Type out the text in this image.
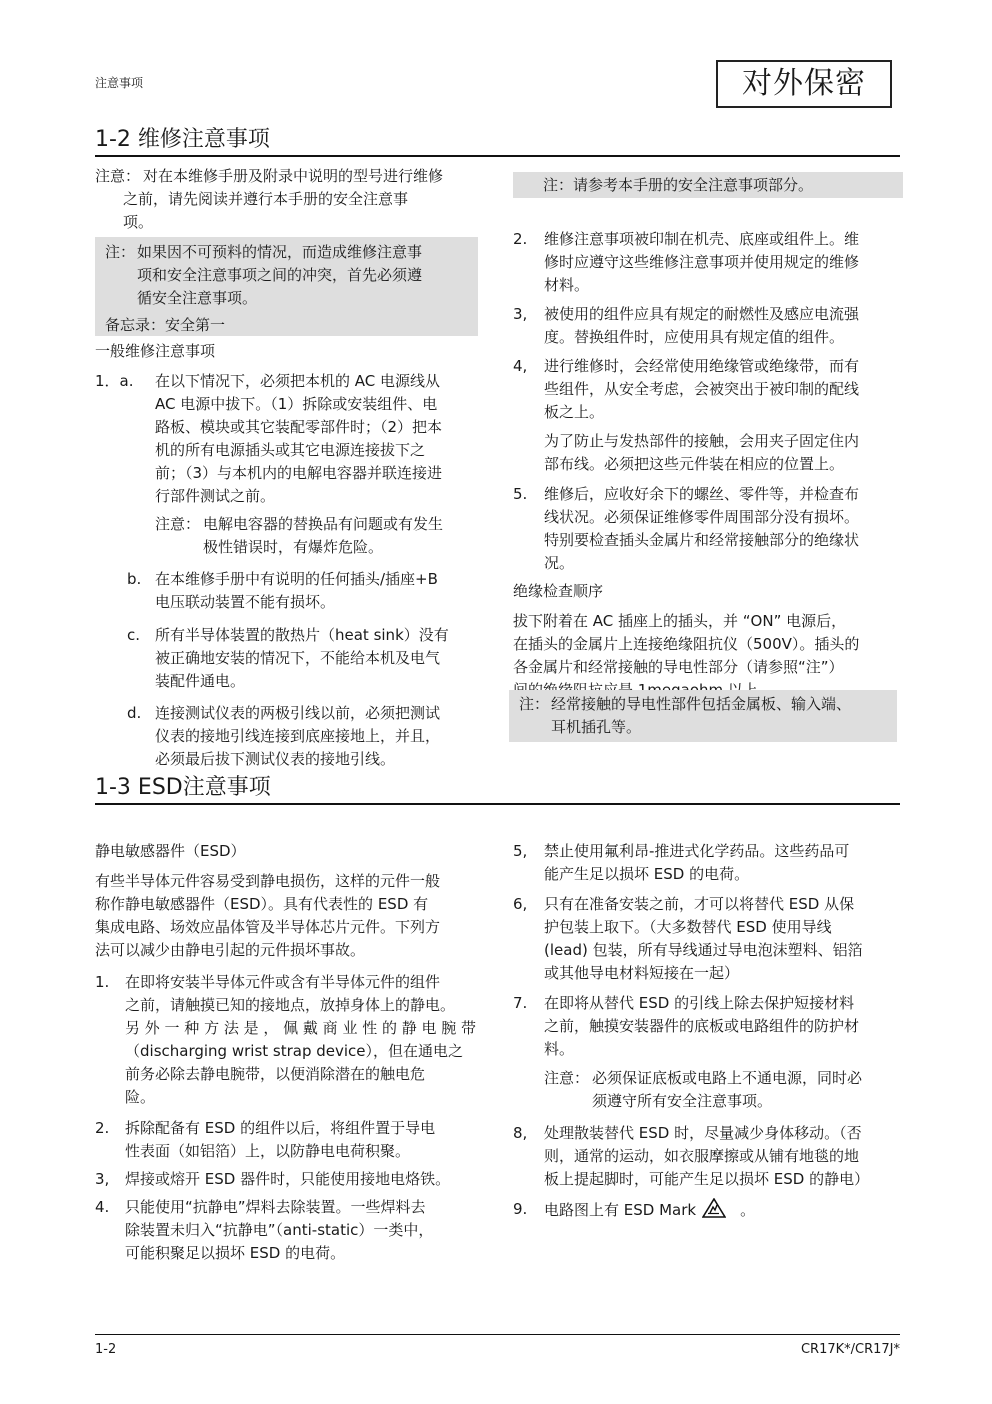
注意事项	对外保密
1-2 维修注意事项
注意： 对在本维修手册及附录中说明的型号进行维修
之前，请先阅读并遵行本手册的安全注意事
项。
注： 如果因不可预料的情况，而造成维修注意事
项和安全注意事项之间的冲突，首先必须遵
循安全注意事项。
备忘录：安全第一
一般维修注意事项
1．a. 在以下情况下，必须把本机的 AC 电源线从
AC 电源中拔下。（1）拆除或安装组件、电
路板、模块或其它装配零部件时；（2）把本
机的所有电源插头或其它电源连接拔下之
前；（3）与本机内的电解电容器并联连接进
行部件测试之前。
注意： 电解电容器的替换品有问题或有发生
极性错误时，有爆炸危险。
b. 在本维修手册中有说明的任何插头/插座+B
电压联动装置不能有损坏。
c. 所有半导体装置的散热片（heat sink）没有
被正确地安装的情况下，不能给本机及电气
装配件通电。
d. 连接测试仪表的两极引线以前，必须把测试
仪表的接地引线连接到底座接地上，并且，
必须最后拔下测试仪表的接地引线。
注：请参考本手册的安全注意事项部分。
2. 维修注意事项被印制在机壳、底座或组件上。维
修时应遵守这些维修注意事项并使用规定的维修
材料。
3, 被使用的组件应具有规定的耐燃性及感应电流强
度。替换组件时，应使用具有规定值的组件。
4, 进行维修时，会经常使用绝缘管或绝缘带，而有
些组件，从安全考虑，会被突出于被印制的配线
板之上。
为了防止与发热部件的接触，会用夹子固定住内
部布线。必须把这些元件装在相应的位置上。
5. 维修后，应收好余下的螺丝、零件等，并检查布
线状况。必须保证维修零件周围部分没有损坏。
特别要检查插头金属片和经常接触部分的绝缘状
况。
绝缘检查顺序
拔下附着在 AC 插座上的插头，并 “ON” 电源后，
在插头的金属片上连接绝缘阻抗仪（500V）。插头的
各金属片和经常接触的导电性部分（请参照“注”）
注： 经常接触的导电性部件包括金属板、输入端、
耳机插孔等。
1-3 ESD注意事项
静电敏感器件（ESD）
有些半导体元件容易受到静电损伤，这样的元件一般
称作静电敏感器件（ESD）。具有代表性的 ESD 有
集成电路、场效应晶体管及半导体芯片元件。下列方
法可以减少由静电引起的元件损坏事故。
1. 在即将安装半导体元件或含有半导体元件的组件
之前，请触摸已知的接地点，放掉身体上的静电。
另 外 一 种 方 法 是 ， 佩 戴 商 业 性 的 静 电 腕 带
（discharging wrist strap device），但在通电之
前务必除去静电腕带，以便消除潜在的触电危
险。
2. 拆除配备有 ESD 的组件以后，将组件置于导电
性表面（如铝箔）上，以防静电电荷积聚。
3, 焊接或熔开 ESD 器件时，只能使用接地电烙铁。
4. 只能使用“抗静电”焊料去除装置。一些焊料去
除装置未归入“抗静电”（anti-static）一类中，
可能积聚足以损坏 ESD 的电荷。
5, 禁止使用氟利昂-推进式化学药品。这些药品可
能产生足以损坏 ESD 的电荷。
6, 只有在准备安装之前，才可以将替代 ESD 从保
护包装上取下。（大多数替代 ESD 使用导线
(lead) 包装，所有导线通过导电泡沫塑料、铝箔
或其他导电材料短接在一起）
7. 在即将从替代 ESD 的引线上除去保护短接材料
之前，触摸安装器件的底板或电路组件的防护材
料。
注意： 必须保证底板或电路上不通电源，同时必
须遵守所有安全注意事项。
8, 处理散装替代 ESD 时，尽量减少身体移动。（否
则，通常的运动，如衣服摩擦或从铺有地毯的地
板上提起脚时，可能产生足以损坏 ESD 的静电）
9. 电路图上有 ESD Mark	。
1-2	CR17K*/CR17J*
